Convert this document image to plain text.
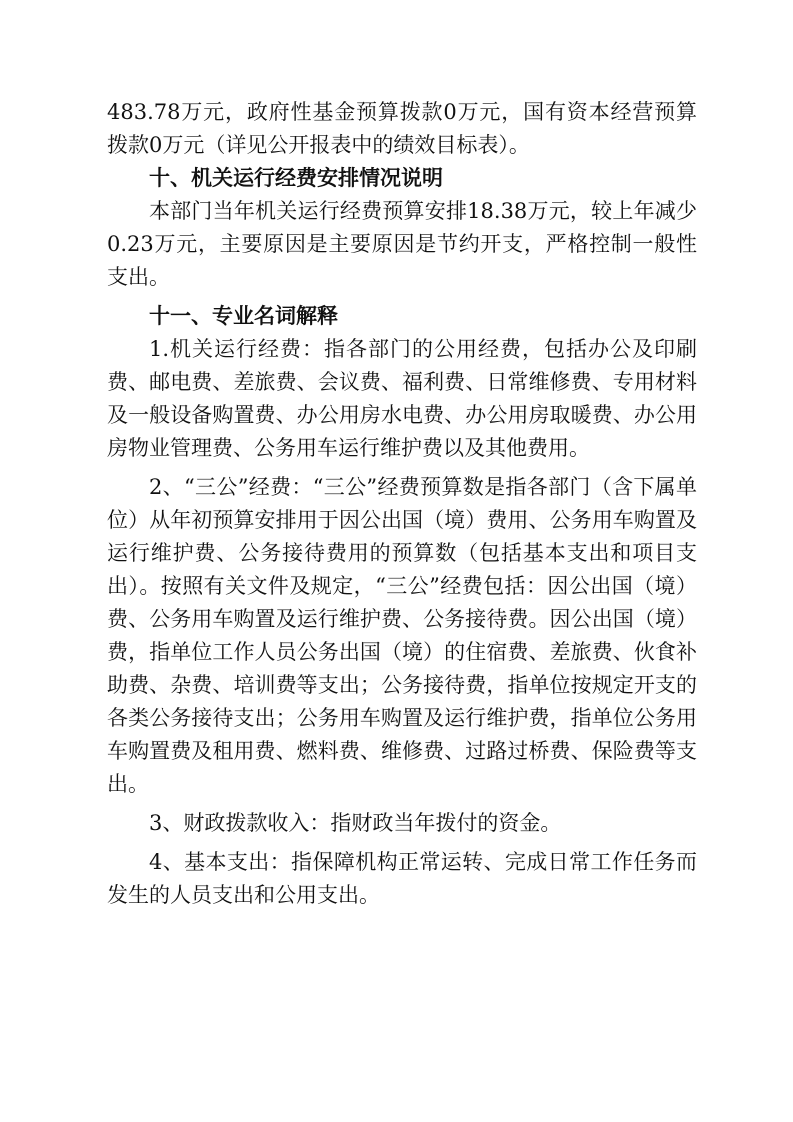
483.78万元，政府性基金预算拨款0万元，国有资本经营预算拨款0万元（详见公开报表中的绩效目标表）。

十、机关运行经费安排情况说明

本部门当年机关运行经费预算安排18.38万元，较上年减少0.23万元，主要原因是主要原因是节约开支，严格控制一般性支出。

十一、专业名词解释

1.机关运行经费：指各部门的公用经费，包括办公及印刷费、邮电费、差旅费、会议费、福利费、日常维修费、专用材料及一般设备购置费、办公用房水电费、办公用房取暖费、办公用房物业管理费、公务用车运行维护费以及其他费用。

2、“三公”经费：“三公”经费预算数是指各部门（含下属单位）从年初预算安排用于因公出国（境）费用、公务用车购置及运行维护费、公务接待费用的预算数（包括基本支出和项目支出）。按照有关文件及规定，“三公”经费包括：因公出国（境）费、公务用车购置及运行维护费、公务接待费。因公出国（境）费，指单位工作人员公务出国（境）的住宿费、差旅费、伙食补助费、杂费、培训费等支出；公务接待费，指单位按规定开支的各类公务接待支出；公务用车购置及运行维护费，指单位公务用车购置费及租用费、燃料费、维修费、过路过桥费、保险费等支出。

3、财政拨款收入：指财政当年拨付的资金。

4、基本支出：指保障机构正常运转、完成日常工作任务而发生的人员支出和公用支出。
